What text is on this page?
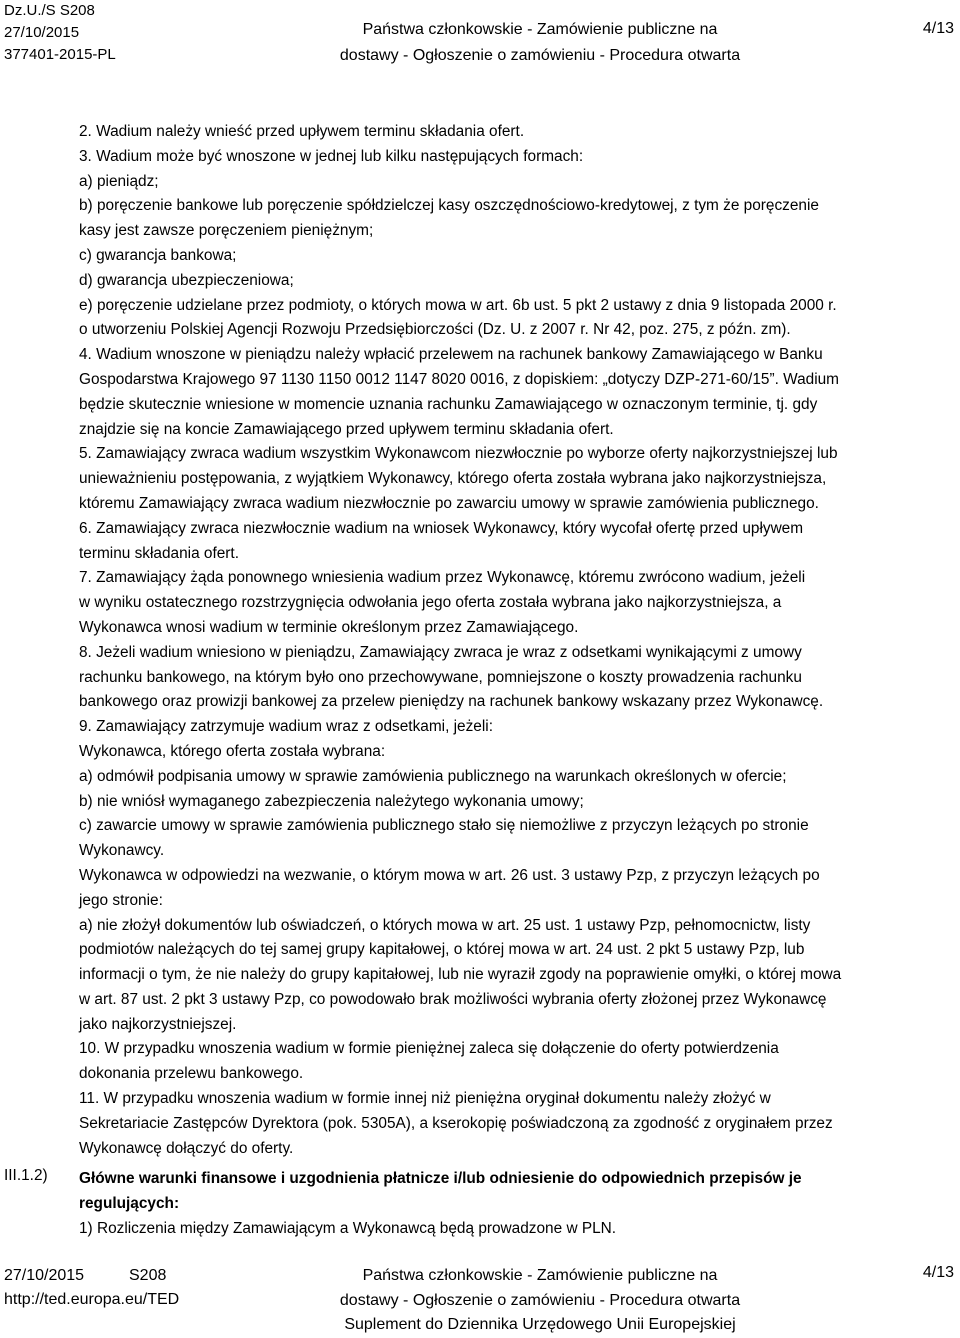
Dz.U./S S208
27/10/2015
377401-2015-PL
Państwa członkowskie - Zamówienie publiczne na
dostawy - Ogłoszenie o zamówieniu - Procedura otwarta
4/13
2. Wadium należy wnieść przed upływem terminu składania ofert.
3. Wadium może być wnoszone w jednej lub kilku następujących formach:
a) pieniądz;
b) poręczenie bankowe lub poręczenie spółdzielczej kasy oszczędnościowo-kredytowej, z tym że poręczenie
kasy jest zawsze poręczeniem pieniężnym;
c) gwarancja bankowa;
d) gwarancja ubezpieczeniowa;
e) poręczenie udzielane przez podmioty, o których mowa w art. 6b ust. 5 pkt 2 ustawy z dnia 9 listopada 2000 r.
o utworzeniu Polskiej Agencji Rozwoju Przedsiębiorczości (Dz. U. z 2007 r. Nr 42, poz. 275, z późn. zm).
4. Wadium wnoszone w pieniądzu należy wpłacić przelewem na rachunek bankowy Zamawiającego w Banku
Gospodarstwa Krajowego 97 1130 1150 0012 1147 8020 0016, z dopiskiem: „dotyczy DZP-271-60/15”. Wadium
będzie skutecznie wniesione w momencie uznania rachunku Zamawiającego w oznaczonym terminie, tj. gdy
znajdzie się na koncie Zamawiającego przed upływem terminu składania ofert.
5. Zamawiający zwraca wadium wszystkim Wykonawcom niezwłocznie po wyborze oferty najkorzystniejszej lub
unieważnieniu postępowania, z wyjątkiem Wykonawcy, którego oferta została wybrana jako najkorzystniejsza,
któremu Zamawiający zwraca wadium niezwłocznie po zawarciu umowy w sprawie zamówienia publicznego.
6. Zamawiający zwraca niezwłocznie wadium na wniosek Wykonawcy, który wycofał ofertę przed upływem
terminu składania ofert.
7. Zamawiający żąda ponownego wniesienia wadium przez Wykonawcę, któremu zwrócono wadium, jeżeli
w wyniku ostatecznego rozstrzygnięcia odwołania jego oferta została wybrana jako najkorzystniejsza, a
Wykonawca wnosi wadium w terminie określonym przez Zamawiającego.
8. Jeżeli wadium wniesiono w pieniądzu, Zamawiający zwraca je wraz z odsetkami wynikającymi z umowy
rachunku bankowego, na którym było ono przechowywane, pomniejszone o koszty prowadzenia rachunku
bankowego oraz prowizji bankowej za przelew pieniędzy na rachunek bankowy wskazany przez Wykonawcę.
9. Zamawiający zatrzymuje wadium wraz z odsetkami, jeżeli:
Wykonawca, którego oferta została wybrana:
a) odmówił podpisania umowy w sprawie zamówienia publicznego na warunkach określonych w ofercie;
b) nie wniósł wymaganego zabezpieczenia należytego wykonania umowy;
c) zawarcie umowy w sprawie zamówienia publicznego stało się niemożliwe z przyczyn leżących po stronie
Wykonawcy.
Wykonawca w odpowiedzi na wezwanie, o którym mowa w art. 26 ust. 3 ustawy Pzp, z przyczyn leżących po
jego stronie:
a) nie złożył dokumentów lub oświadczeń, o których mowa w art. 25 ust. 1 ustawy Pzp, pełnomocnictw, listy
podmiotów należących do tej samej grupy kapitałowej, o której mowa w art. 24 ust. 2 pkt 5 ustawy Pzp, lub
informacji o tym, że nie należy do grupy kapitałowej, lub nie wyraził zgody na poprawienie omyłki, o której mowa
w art. 87 ust. 2 pkt 3 ustawy Pzp, co powodowało brak możliwości wybrania oferty złożonej przez Wykonawcę
jako najkorzystniejszej.
10. W przypadku wnoszenia wadium w formie pieniężnej zaleca się dołączenie do oferty potwierdzenia
dokonania przelewu bankowego.
11. W przypadku wnoszenia wadium w formie innej niż pieniężna oryginał dokumentu należy złożyć w
Sekretariacie Zastępców Dyrektora (pok. 5305A), a kserokopię poświadczoną za zgodność z oryginałem przez
Wykonawcę dołączyć do oferty.
III.1.2) Główne warunki finansowe i uzgodnienia płatnicze i/lub odniesienie do odpowiednich przepisów je
regulujących:
1) Rozliczenia między Zamawiającym a Wykonawcą będą prowadzone w PLN.
27/10/2015	S208
http://ted.europa.eu/TED
Państwa członkowskie - Zamówienie publiczne na
dostawy - Ogłoszenie o zamówieniu - Procedura otwarta
Suplement do Dziennika Urzędowego Unii Europejskiej
4/13
